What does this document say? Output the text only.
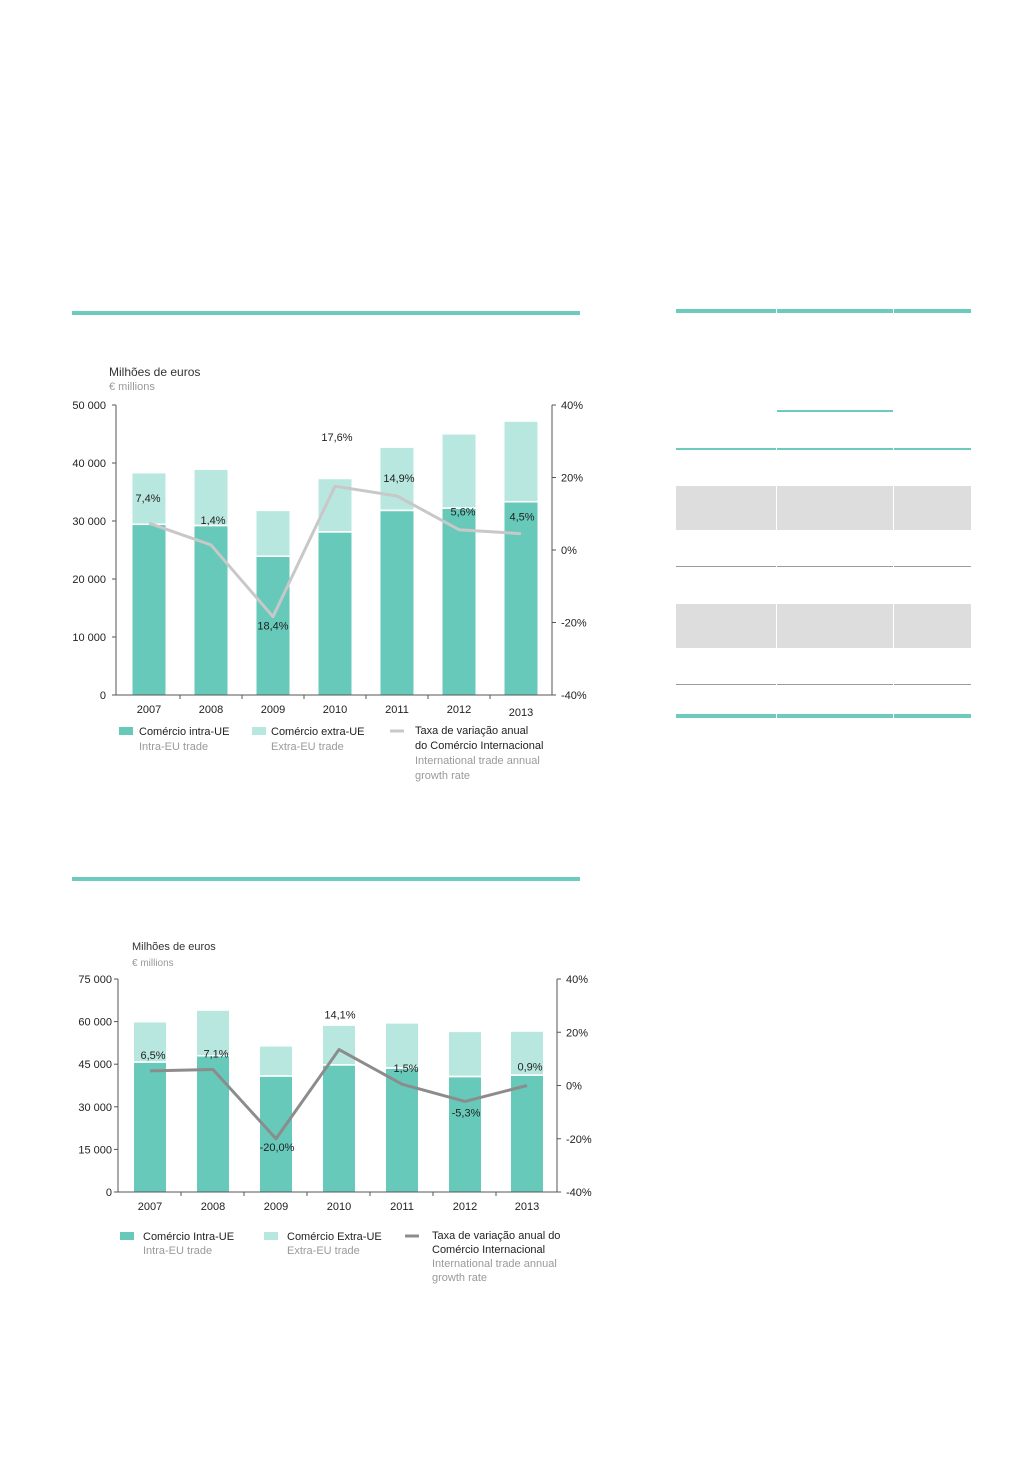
Milhões de euros
€ millions
0
10 000
20 000
30 000
40 000
50 000
-40%
-20%
0%
20%
40%
2007	2008	2009	2010	2011	2012	2013
7,4%
1,4%
18,4%
17,6%
14,9%
5,6%	4,5%
Comércio intra-UE
Intra-EU trade
Comércio extra-UE
Extra-EU trade
Taxa de variação anual
do Comércio Internacional
International trade annual
growth rate
Milhões de euros
€ millions
0
15 000
30 000
45 000
60 000
75 000
-40%
-20%
0%
20%
40%
2007	2008	2009	2010	2011	2012	2013
6,5%	7,1%
-20,0%
14,1%
1,5%
-5,3%
0,9%
Comércio Intra-UE
Intra-EU trade
Comércio Extra-UE
Extra-EU trade
Taxa de variação anual do
Comércio Internacional
International trade annual
growth rate
